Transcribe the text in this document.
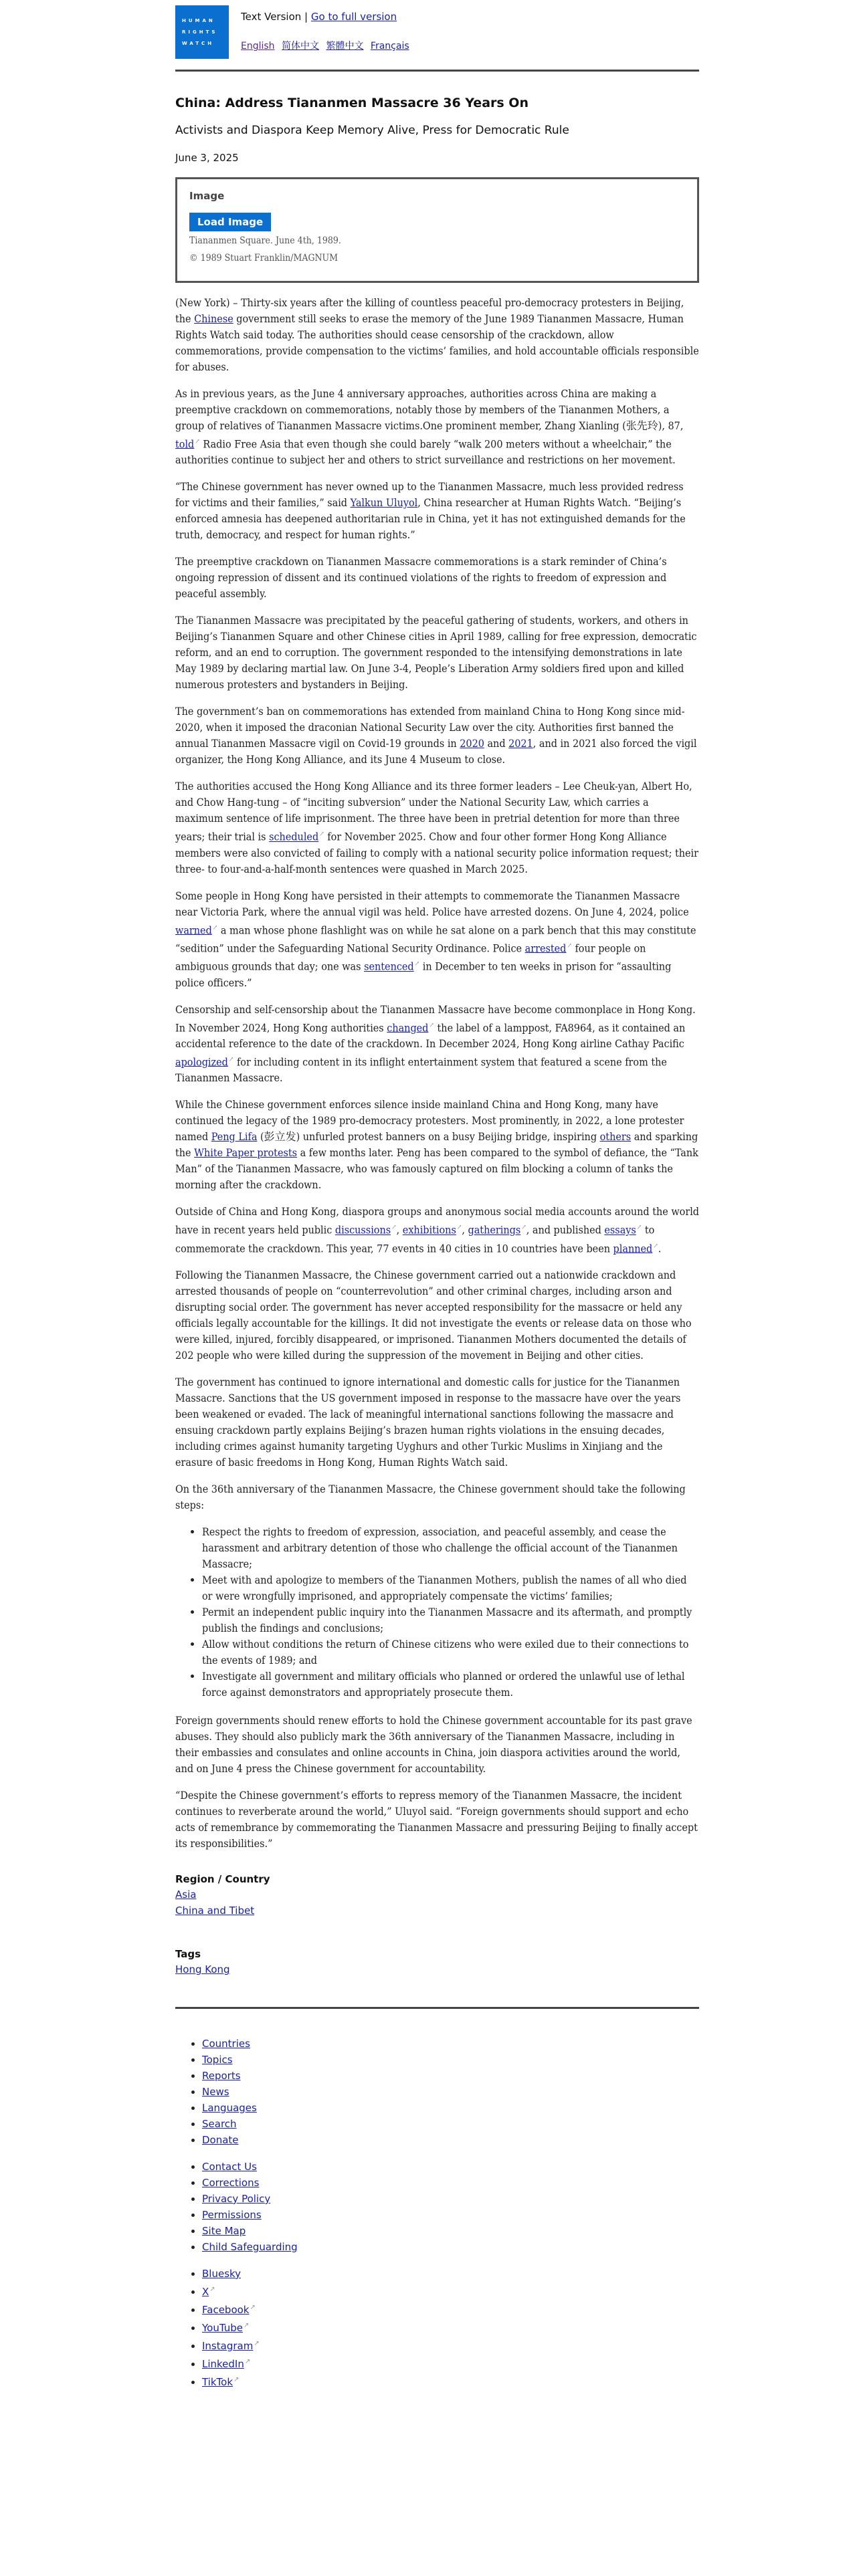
HUMAN
RIGHTS
WATCH
Text Version | Go to full version
English 简体中文 繁體中文 Français
China: Address Tiananmen Massacre 36 Years On
Activists and Diaspora Keep Memory Alive, Press for Democratic Rule
June 3, 2025
Image
Load Image
Tiananmen Square. June 4th, 1989.
© 1989 Stuart Franklin/MAGNUM

(New York) – Thirty-six years after the killing of countless peaceful pro-democracy protesters in Beijing, the Chinese government still seeks to erase the memory of the June 1989 Tiananmen Massacre, Human Rights Watch said today. The authorities should cease censorship of the crackdown, allow commemorations, provide compensation to the victims’ families, and hold accountable officials responsible for abuses.

As in previous years, as the June 4 anniversary approaches, authorities across China are making a preemptive crackdown on commemorations, notably those by members of the Tiananmen Mothers, a group of relatives of Tiananmen Massacre victims.One prominent member, Zhang Xianling (张先玲), 87, told↗ Radio Free Asia that even though she could barely “walk 200 meters without a wheelchair,” the authorities continue to subject her and others to strict surveillance and restrictions on her movement.

“The Chinese government has never owned up to the Tiananmen Massacre, much less provided redress for victims and their families,” said Yalkun Uluyol, China researcher at Human Rights Watch. “Beijing’s enforced amnesia has deepened authoritarian rule in China, yet it has not extinguished demands for the truth, democracy, and respect for human rights.”

The preemptive crackdown on Tiananmen Massacre commemorations is a stark reminder of China’s ongoing repression of dissent and its continued violations of the rights to freedom of expression and peaceful assembly.

The Tiananmen Massacre was precipitated by the peaceful gathering of students, workers, and others in Beijing’s Tiananmen Square and other Chinese cities in April 1989, calling for free expression, democratic reform, and an end to corruption. The government responded to the intensifying demonstrations in late May 1989 by declaring martial law. On June 3-4, People’s Liberation Army soldiers fired upon and killed numerous protesters and bystanders in Beijing.

The government’s ban on commemorations has extended from mainland China to Hong Kong since mid-2020, when it imposed the draconian National Security Law over the city. Authorities first banned the annual Tiananmen Massacre vigil on Covid-19 grounds in 2020 and 2021, and in 2021 also forced the vigil organizer, the Hong Kong Alliance, and its June 4 Museum to close.

The authorities accused the Hong Kong Alliance and its three former leaders – Lee Cheuk-yan, Albert Ho, and Chow Hang-tung – of “inciting subversion” under the National Security Law, which carries a maximum sentence of life imprisonment. The three have been in pretrial detention for more than three years; their trial is scheduled↗ for November 2025. Chow and four other former Hong Kong Alliance members were also convicted of failing to comply with a national security police information request; their three- to four-and-a-half-month sentences were quashed in March 2025.

Some people in Hong Kong have persisted in their attempts to commemorate the Tiananmen Massacre near Victoria Park, where the annual vigil was held. Police have arrested dozens. On June 4, 2024, police warned↗ a man whose phone flashlight was on while he sat alone on a park bench that this may constitute “sedition” under the Safeguarding National Security Ordinance. Police arrested↗ four people on ambiguous grounds that day; one was sentenced↗ in December to ten weeks in prison for “assaulting police officers.”

Censorship and self-censorship about the Tiananmen Massacre have become commonplace in Hong Kong. In November 2024, Hong Kong authorities changed↗ the label of a lamppost, FA8964, as it contained an accidental reference to the date of the crackdown. In December 2024, Hong Kong airline Cathay Pacific apologized↗ for including content in its inflight entertainment system that featured a scene from the Tiananmen Massacre.

While the Chinese government enforces silence inside mainland China and Hong Kong, many have continued the legacy of the 1989 pro-democracy protesters. Most prominently, in 2022, a lone protester named Peng Lifa (彭立发) unfurled protest banners on a busy Beijing bridge, inspiring others and sparking the White Paper protests a few months later. Peng has been compared to the symbol of defiance, the “Tank Man” of the Tiananmen Massacre, who was famously captured on film blocking a column of tanks the morning after the crackdown.

Outside of China and Hong Kong, diaspora groups and anonymous social media accounts around the world have in recent years held public discussions↗, exhibitions↗, gatherings↗, and published essays↗ to commemorate the crackdown. This year, 77 events in 40 cities in 10 countries have been planned↗.

Following the Tiananmen Massacre, the Chinese government carried out a nationwide crackdown and arrested thousands of people on “counterrevolution” and other criminal charges, including arson and disrupting social order. The government has never accepted responsibility for the massacre or held any officials legally accountable for the killings. It did not investigate the events or release data on those who were killed, injured, forcibly disappeared, or imprisoned. Tiananmen Mothers documented the details of 202 people who were killed during the suppression of the movement in Beijing and other cities.

The government has continued to ignore international and domestic calls for justice for the Tiananmen Massacre. Sanctions that the US government imposed in response to the massacre have over the years been weakened or evaded. The lack of meaningful international sanctions following the massacre and ensuing crackdown partly explains Beijing’s brazen human rights violations in the ensuing decades, including crimes against humanity targeting Uyghurs and other Turkic Muslims in Xinjiang and the erasure of basic freedoms in Hong Kong, Human Rights Watch said.

On the 36th anniversary of the Tiananmen Massacre, the Chinese government should take the following steps:

• Respect the rights to freedom of expression, association, and peaceful assembly, and cease the harassment and arbitrary detention of those who challenge the official account of the Tiananmen Massacre;
• Meet with and apologize to members of the Tiananmen Mothers, publish the names of all who died or were wrongfully imprisoned, and appropriately compensate the victims’ families;
• Permit an independent public inquiry into the Tiananmen Massacre and its aftermath, and promptly publish the findings and conclusions;
• Allow without conditions the return of Chinese citizens who were exiled due to their connections to the events of 1989; and
• Investigate all government and military officials who planned or ordered the unlawful use of lethal force against demonstrators and appropriately prosecute them.

Foreign governments should renew efforts to hold the Chinese government accountable for its past grave abuses. They should also publicly mark the 36th anniversary of the Tiananmen Massacre, including in their embassies and consulates and online accounts in China, join diaspora activities around the world, and on June 4 press the Chinese government for accountability.

“Despite the Chinese government’s efforts to repress memory of the Tiananmen Massacre, the incident continues to reverberate around the world,” Uluyol said. “Foreign governments should support and echo acts of remembrance by commemorating the Tiananmen Massacre and pressuring Beijing to finally accept its responsibilities.”

Region / Country
Asia
China and Tibet
Tags
Hong Kong
• Countries
• Topics
• Reports
• News
• Languages
• Search
• Donate
• Contact Us
• Corrections
• Privacy Policy
• Permissions
• Site Map
• Child Safeguarding
• Bluesky
• X↗
• Facebook↗
• YouTube↗
• Instagram↗
• LinkedIn↗
• TikTok↗
